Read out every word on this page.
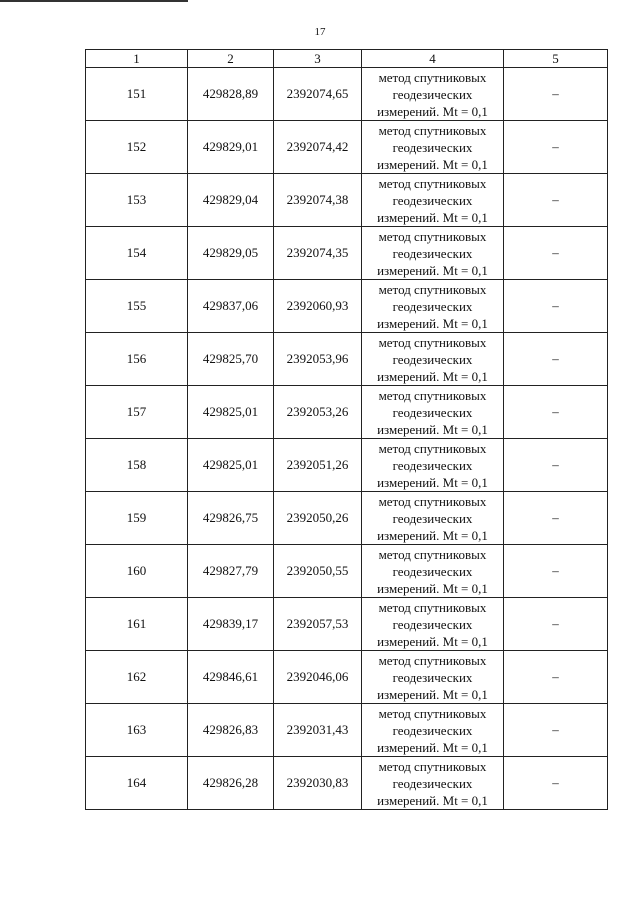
17
1	2	3	4	5
151	429828,89	2392074,65	метод спутниковых
геодезических
измерений. Mt = 0,1	–
152	429829,01	2392074,42	метод спутниковых
геодезических
измерений. Mt = 0,1	–
153	429829,04	2392074,38	метод спутниковых
геодезических
измерений. Mt = 0,1	–
154	429829,05	2392074,35	метод спутниковых
геодезических
измерений. Mt = 0,1	–
155	429837,06	2392060,93	метод спутниковых
геодезических
измерений. Mt = 0,1	–
156	429825,70	2392053,96	метод спутниковых
геодезических
измерений. Mt = 0,1	–
157	429825,01	2392053,26	метод спутниковых
геодезических
измерений. Mt = 0,1	–
158	429825,01	2392051,26	метод спутниковых
геодезических
измерений. Mt = 0,1	–
159	429826,75	2392050,26	метод спутниковых
геодезических
измерений. Mt = 0,1	–
160	429827,79	2392050,55	метод спутниковых
геодезических
измерений. Mt = 0,1	–
161	429839,17	2392057,53	метод спутниковых
геодезических
измерений. Mt = 0,1	–
162	429846,61	2392046,06	метод спутниковых
геодезических
измерений. Mt = 0,1	–
163	429826,83	2392031,43	метод спутниковых
геодезических
измерений. Mt = 0,1	–
164	429826,28	2392030,83	метод спутниковых
геодезических
измерений. Mt = 0,1	–
